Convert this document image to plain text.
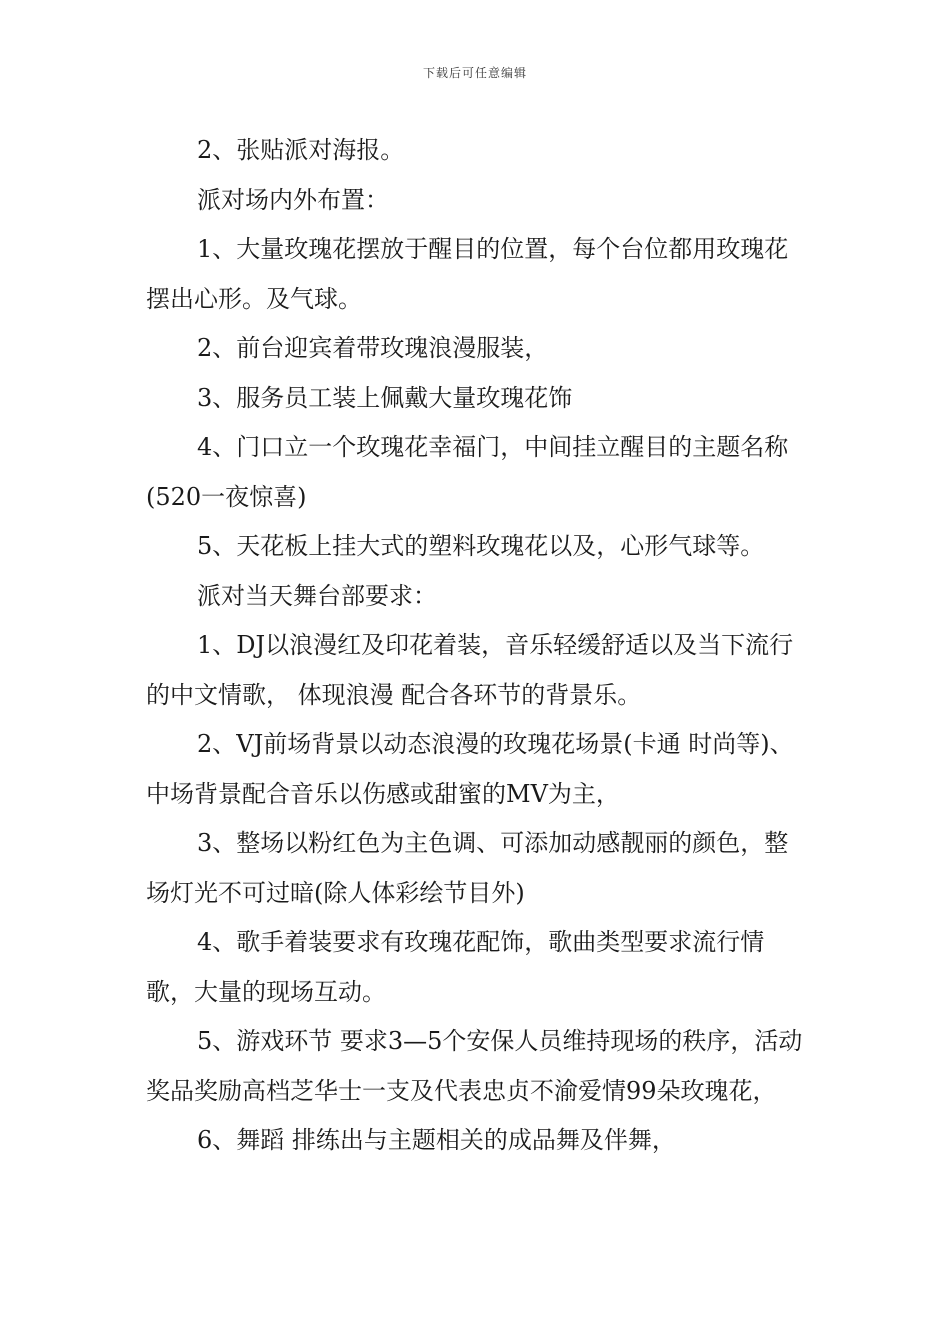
下载后可任意编辑

2、张贴派对海报。

派对场内外布置：

1、大量玫瑰花摆放于醒目的位置，每个台位都用玫瑰花摆出心形。及气球。

2、前台迎宾着带玫瑰浪漫服装，

3、服务员工装上佩戴大量玫瑰花饰

4、门口立一个玫瑰花幸福门，中间挂立醒目的主题名称(520一夜惊喜)

5、天花板上挂大式的塑料玫瑰花以及，心形气球等。

派对当天舞台部要求：

1、DJ以浪漫红及印花着装，音乐轻缓舒适以及当下流行的中文情歌， 体现浪漫 配合各环节的背景乐。

2、VJ前场背景以动态浪漫的玫瑰花场景(卡通 时尚等)、中场背景配合音乐以伤感或甜蜜的MV为主，

3、整场以粉红色为主色调、可添加动感靓丽的颜色，整场灯光不可过暗(除人体彩绘节目外)

4、歌手着装要求有玫瑰花配饰，歌曲类型要求流行情歌，大量的现场互动。

5、游戏环节 要求3—5个安保人员维持现场的秩序，活动奖品奖励高档芝华士一支及代表忠贞不渝爱情99朵玫瑰花，

6、舞蹈 排练出与主题相关的成品舞及伴舞，
